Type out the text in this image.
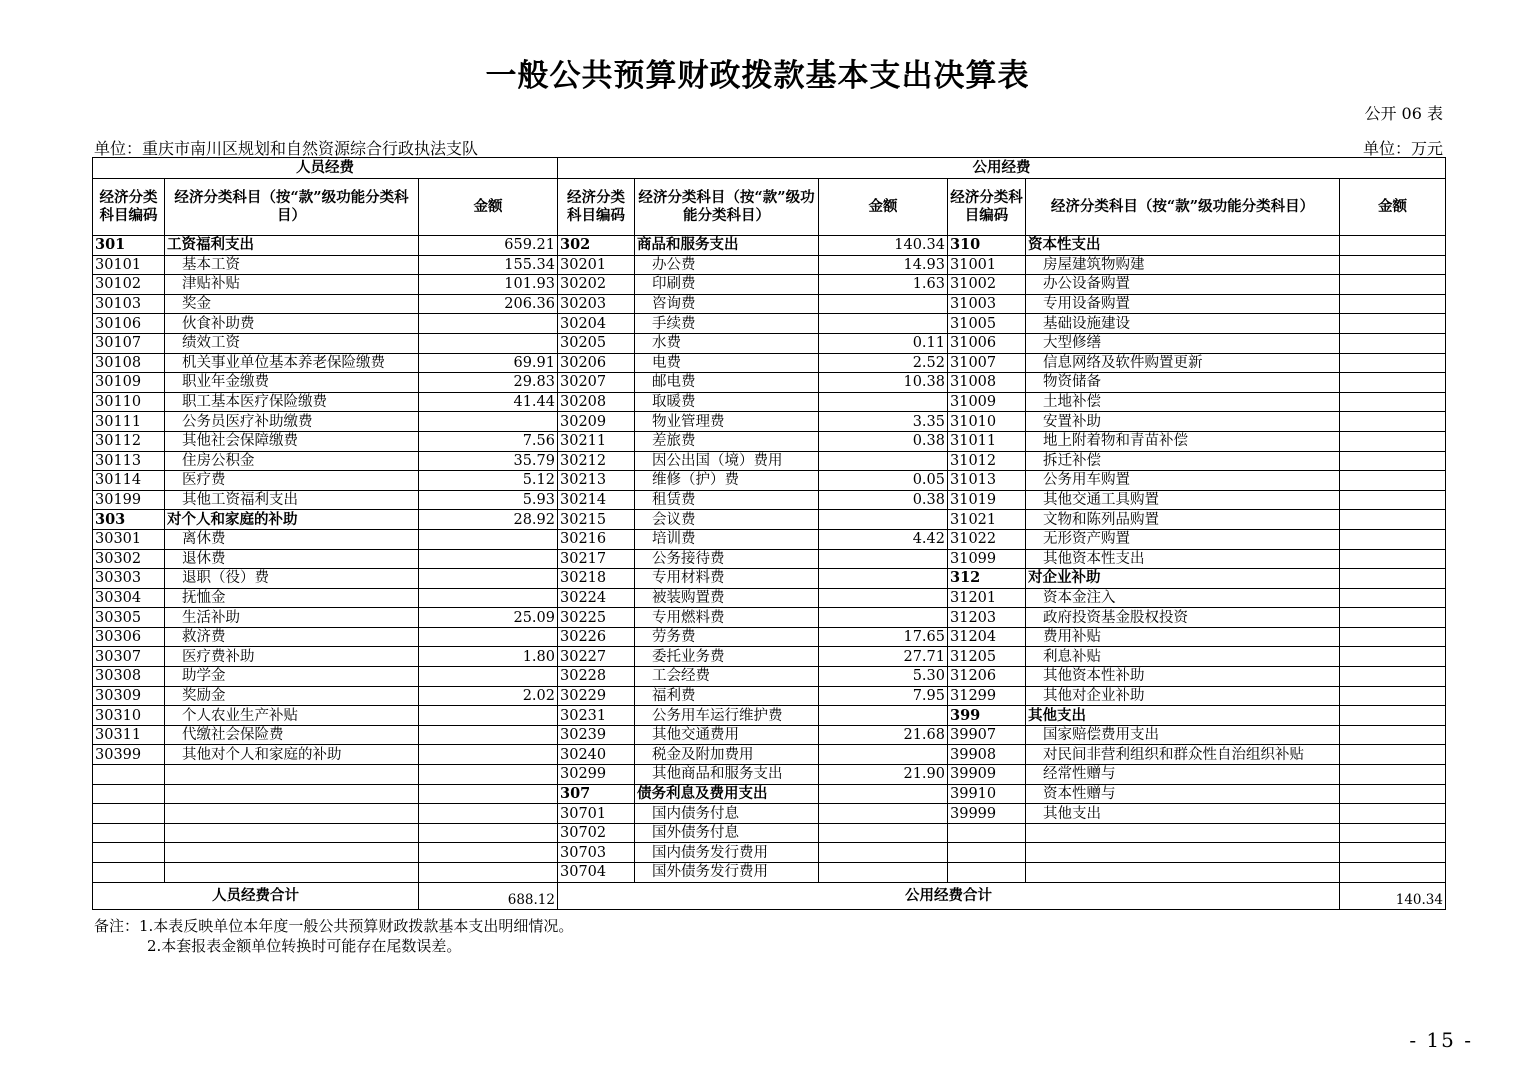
一般公共预算财政拨款基本支出决算表
公开 06 表
单位：重庆市南川区规划和自然资源综合行政执法支队	单位：万元
人员经费			公用经费					
经济分类科目编码	经济分类科目（按“款”级功能分类科目）	金额	经济分类科目编码	经济分类科目（按“款”级功能分类科目）	金额	经济分类科目编码	经济分类科目（按“款”级功能分类科目）	金额
301	工资福利支出	659.21	302	商品和服务支出	140.34	310	资本性支出	
30101	基本工资	155.34	30201	办公费	14.93	31001	房屋建筑物购建	
30102	津贴补贴	101.93	30202	印刷费	1.63	31002	办公设备购置	
30103	奖金	206.36	30203	咨询费		31003	专用设备购置	
30106	伙食补助费		30204	手续费		31005	基础设施建设	
30107	绩效工资		30205	水费	0.11	31006	大型修缮	
30108	机关事业单位基本养老保险缴费	69.91	30206	电费	2.52	31007	信息网络及软件购置更新	
30109	职业年金缴费	29.83	30207	邮电费	10.38	31008	物资储备	
30110	职工基本医疗保险缴费	41.44	30208	取暖费		31009	土地补偿	
30111	公务员医疗补助缴费		30209	物业管理费	3.35	31010	安置补助	
30112	其他社会保障缴费	7.56	30211	差旅费	0.38	31011	地上附着物和青苗补偿	
30113	住房公积金	35.79	30212	因公出国（境）费用		31012	拆迁补偿	
30114	医疗费	5.12	30213	维修（护）费	0.05	31013	公务用车购置	
30199	其他工资福利支出	5.93	30214	租赁费	0.38	31019	其他交通工具购置	
303	对个人和家庭的补助	28.92	30215	会议费		31021	文物和陈列品购置	
30301	离休费		30216	培训费	4.42	31022	无形资产购置	
30302	退休费		30217	公务接待费		31099	其他资本性支出	
30303	退职（役）费		30218	专用材料费		312	对企业补助	
30304	抚恤金		30224	被装购置费		31201	资本金注入	
30305	生活补助	25.09	30225	专用燃料费		31203	政府投资基金股权投资	
30306	救济费		30226	劳务费	17.65	31204	费用补贴	
30307	医疗费补助	1.80	30227	委托业务费	27.71	31205	利息补贴	
30308	助学金		30228	工会经费	5.30	31206	其他资本性补助	
30309	奖励金	2.02	30229	福利费	7.95	31299	其他对企业补助	
30310	个人农业生产补贴		30231	公务用车运行维护费		399	其他支出	
30311	代缴社会保险费		30239	其他交通费用	21.68	39907	国家赔偿费用支出	
30399	其他对个人和家庭的补助		30240	税金及附加费用		39908	对民间非营利组织和群众性自治组织补贴	
			30299	其他商品和服务支出	21.90	39909	经常性赠与	
			307	债务利息及费用支出		39910	资本性赠与	
			30701	国内债务付息		39999	其他支出	
			30702	国外债务付息				
			30703	国内债务发行费用				
			30704	国外债务发行费用				
人员经费合计		688.12	公用经费合计					140.34
备注：1.本表反映单位本年度一般公共预算财政拨款基本支出明细情况。
2.本套报表金额单位转换时可能存在尾数误差。
- 15 -
